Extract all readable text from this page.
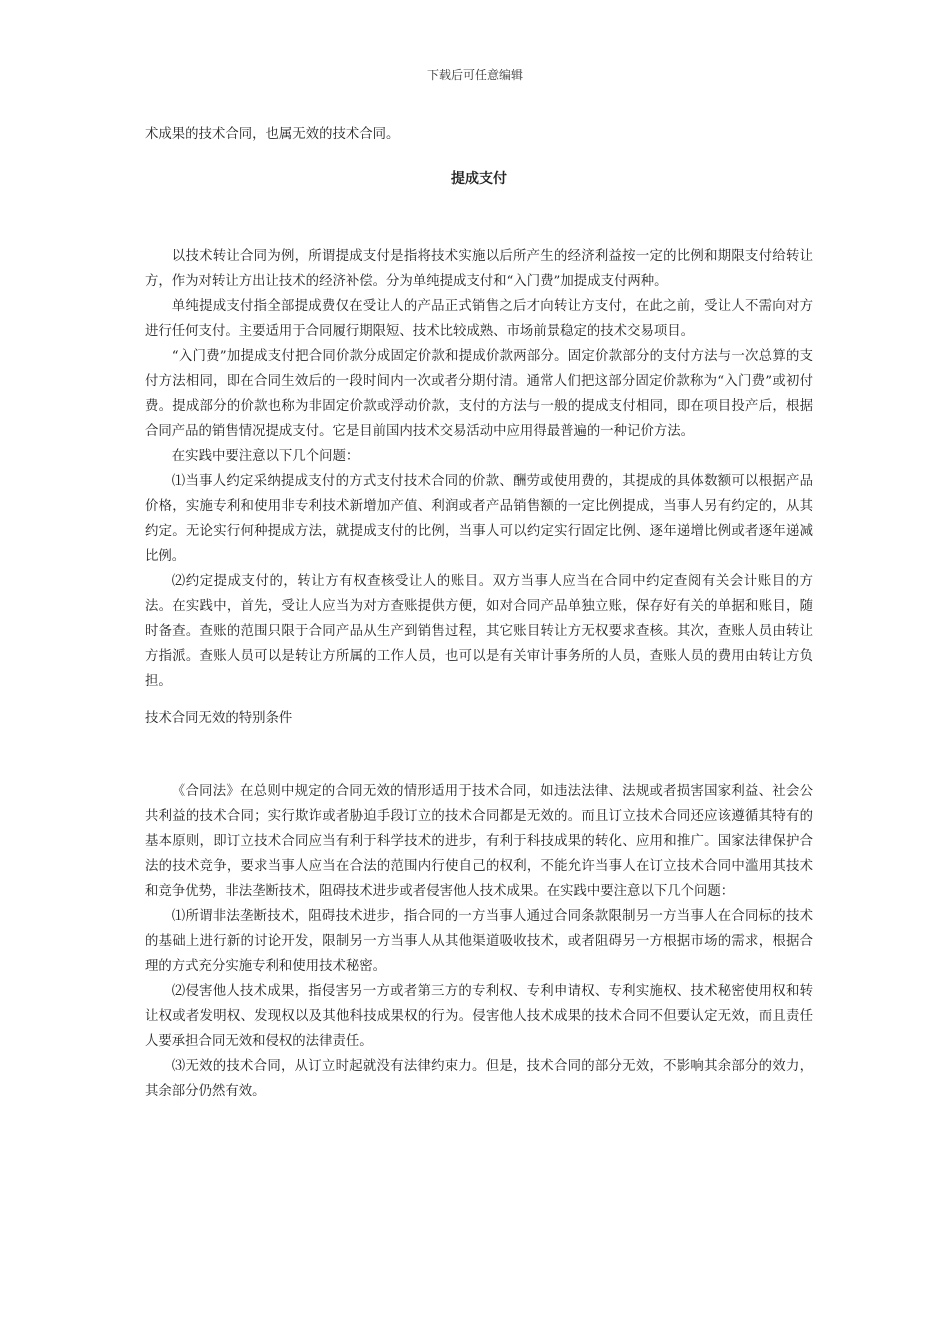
下载后可任意编辑

术成果的技术合同，也属无效的技术合同。

提成支付

以技术转让合同为例，所谓提成支付是指将技术实施以后所产生的经济利益按一定的比例和期限支付给转让方，作为对转让方出让技术的经济补偿。分为单纯提成支付和“入门费”加提成支付两种。

单纯提成支付指全部提成费仅在受让人的产品正式销售之后才向转让方支付，在此之前，受让人不需向对方进行任何支付。主要适用于合同履行期限短、技术比较成熟、市场前景稳定的技术交易项目。

“入门费”加提成支付把合同价款分成固定价款和提成价款两部分。固定价款部分的支付方法与一次总算的支付方法相同，即在合同生效后的一段时间内一次或者分期付清。通常人们把这部分固定价款称为“入门费”或初付费。提成部分的价款也称为非固定价款或浮动价款，支付的方法与一般的提成支付相同，即在项目投产后，根据合同产品的销售情况提成支付。它是目前国内技术交易活动中应用得最普遍的一种记价方法。

在实践中要注意以下几个问题：

⑴当事人约定采纳提成支付的方式支付技术合同的价款、酬劳或使用费的，其提成的具体数额可以根据产品价格，实施专利和使用非专利技术新增加产值、利润或者产品销售额的一定比例提成，当事人另有约定的，从其约定。无论实行何种提成方法，就提成支付的比例，当事人可以约定实行固定比例、逐年递增比例或者逐年递减比例。

⑵约定提成支付的，转让方有权查核受让人的账目。双方当事人应当在合同中约定查阅有关会计账目的方法。在实践中，首先，受让人应当为对方查账提供方便，如对合同产品单独立账，保存好有关的单据和账目，随时备查。查账的范围只限于合同产品从生产到销售过程，其它账目转让方无权要求查核。其次，查账人员由转让方指派。查账人员可以是转让方所属的工作人员，也可以是有关审计事务所的人员，查账人员的费用由转让方负担。

技术合同无效的特别条件

《合同法》在总则中规定的合同无效的情形适用于技术合同，如违法法律、法规或者损害国家利益、社会公共利益的技术合同；实行欺诈或者胁迫手段订立的技术合同都是无效的。而且订立技术合同还应该遵循其特有的基本原则，即订立技术合同应当有利于科学技术的进步，有利于科技成果的转化、应用和推广。国家法律保护合法的技术竞争，要求当事人应当在合法的范围内行使自己的权利，不能允许当事人在订立技术合同中滥用其技术和竞争优势，非法垄断技术，阻碍技术进步或者侵害他人技术成果。在实践中要注意以下几个问题：

⑴所谓非法垄断技术，阻碍技术进步，指合同的一方当事人通过合同条款限制另一方当事人在合同标的技术的基础上进行新的讨论开发，限制另一方当事人从其他渠道吸收技术，或者阻碍另一方根据市场的需求，根据合理的方式充分实施专利和使用技术秘密。

⑵侵害他人技术成果，指侵害另一方或者第三方的专利权、专利申请权、专利实施权、技术秘密使用权和转让权或者发明权、发现权以及其他科技成果权的行为。侵害他人技术成果的技术合同不但要认定无效，而且责任人要承担合同无效和侵权的法律责任。

⑶无效的技术合同，从订立时起就没有法律约束力。但是，技术合同的部分无效，不影响其余部分的效力，其余部分仍然有效。
